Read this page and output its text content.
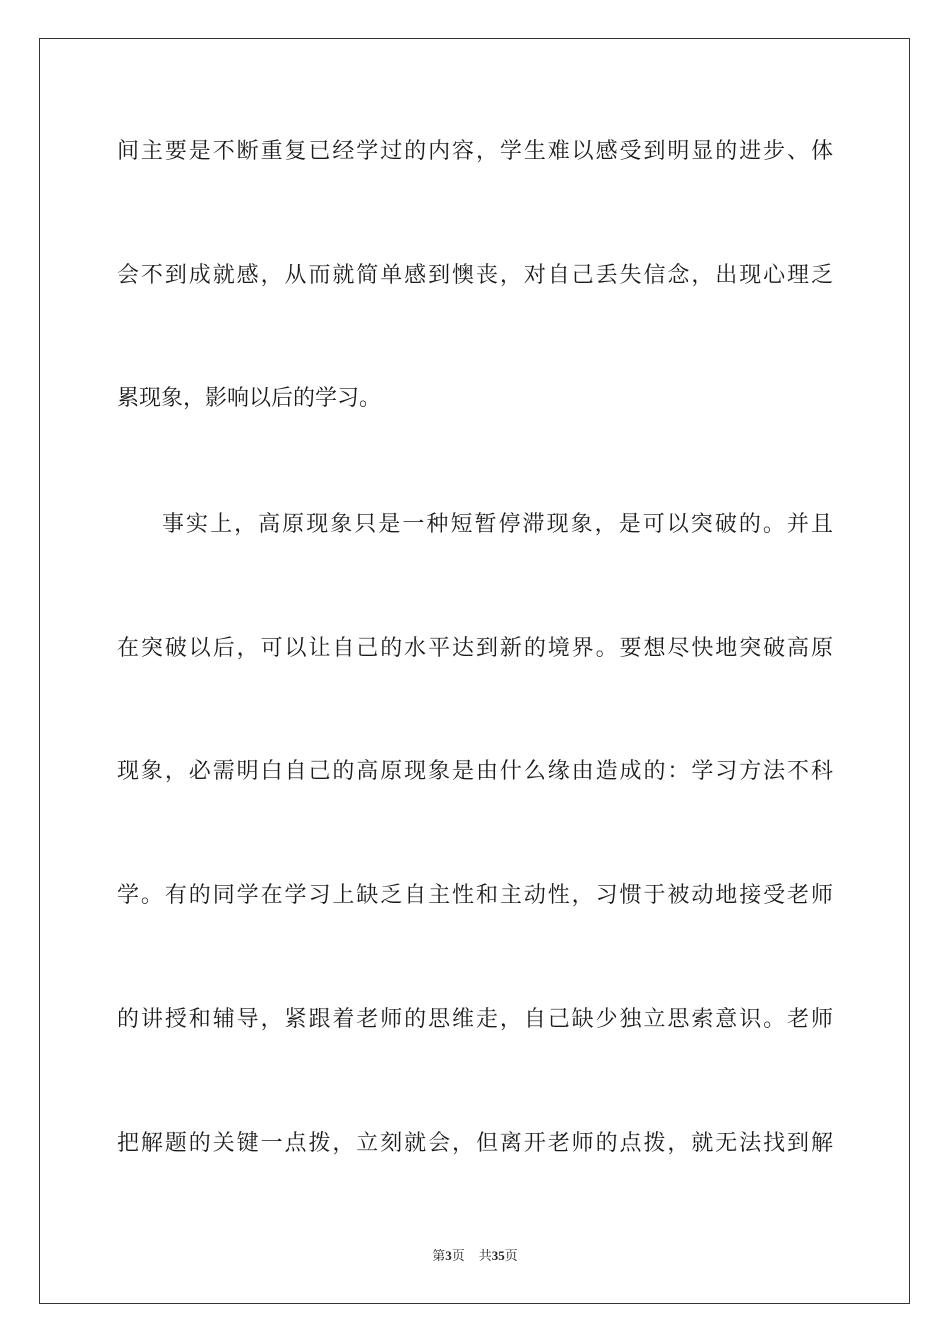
间主要是不断重复已经学过的内容，学生难以感受到明显的进步、体
会不到成就感，从而就简单感到懊丧，对自己丢失信念，出现心理乏
累现象，影响以后的学习。
事实上，高原现象只是一种短暂停滞现象，是可以突破的。并且
在突破以后，可以让自己的水平达到新的境界。要想尽快地突破高原
现象，必需明白自己的高原现象是由什么缘由造成的：学习方法不科
学。有的同学在学习上缺乏自主性和主动性，习惯于被动地接受老师
的讲授和辅导，紧跟着老师的思维走，自己缺少独立思索意识。老师
把解题的关键一点拨，立刻就会，但离开老师的点拨，就无法找到解
第3页 共35页
